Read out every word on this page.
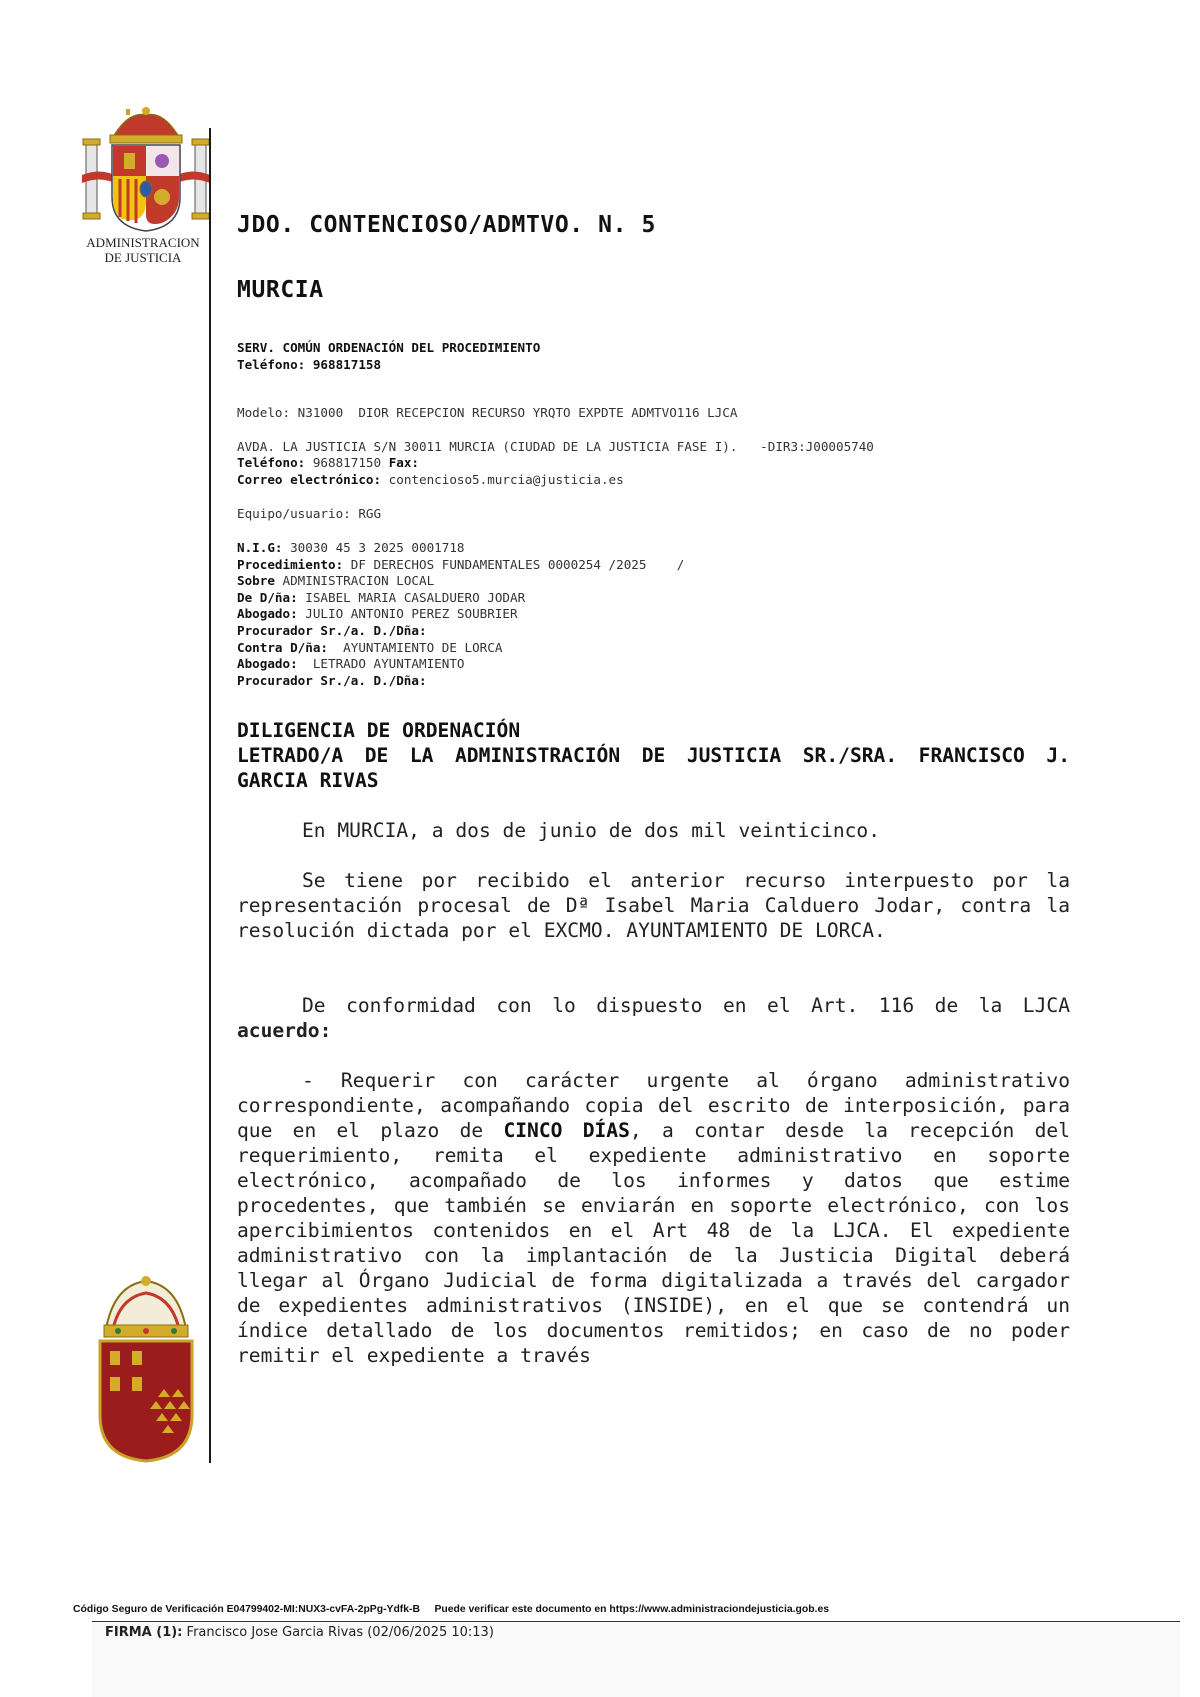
ADMINISTRACION
DE JUSTICIA
JDO. CONTENCIOSO/ADMTVO. N. 5
MURCIA
SERV. COMÚN ORDENACIÓN DEL PROCEDIMIENTO
Teléfono: 968817158
Modelo: N31000  DIOR RECEPCION RECURSO YRQTO EXPDTE ADMTVO116 LJCA
AVDA. LA JUSTICIA S/N 30011 MURCIA (CIUDAD DE LA JUSTICIA FASE I).   -DIR3:J00005740
Teléfono: 968817150 Fax:
Correo electrónico: contencioso5.murcia@justicia.es
Equipo/usuario: RGG
N.I.G: 30030 45 3 2025 0001718
Procedimiento: DF DERECHOS FUNDAMENTALES 0000254 /2025    /
Sobre ADMINISTRACION LOCAL
De D/ña: ISABEL MARIA CASALDUERO JODAR
Abogado: JULIO ANTONIO PEREZ SOUBRIER
Procurador Sr./a. D./Dña:
Contra D/ña:  AYUNTAMIENTO DE LORCA
Abogado:  LETRADO AYUNTAMIENTO
Procurador Sr./a. D./Dña:
DILIGENCIA DE ORDENACIÓN
LETRADO/A DE LA ADMINISTRACIÓN DE JUSTICIA SR./SRA. FRANCISCO J. GARCIA RIVAS
En MURCIA, a dos de junio de dos mil veinticinco.
Se tiene por recibido el anterior recurso interpuesto por la representación procesal de Dª Isabel Maria Calduero Jodar, contra la resolución dictada por el EXCMO. AYUNTAMIENTO DE LORCA.
De conformidad con lo dispuesto en el Art. 116 de la LJCA acuerdo:
- Requerir con carácter urgente al órgano administrativo correspondiente, acompañando copia del escrito de interposición, para que en el plazo de CINCO DÍAS, a contar desde la recepción del requerimiento, remita el expediente administrativo en soporte electrónico, acompañado de los informes y datos que estime procedentes, que también se enviarán en soporte electrónico, con los apercibimientos contenidos en el Art 48 de la LJCA. El expediente administrativo con la implantación de la Justicia Digital deberá llegar al Órgano Judicial de forma digitalizada a través del cargador de expedientes administrativos (INSIDE), en el que se contendrá un índice detallado de los documentos remitidos; en caso de no poder remitir el expediente a través
Código Seguro de Verificación E04799402-MI:NUX3-cvFA-2pPg-Ydfk-B     Puede verificar este documento en https://www.administraciondejusticia.gob.es
FIRMA (1): Francisco Jose Garcia Rivas (02/06/2025 10:13)
